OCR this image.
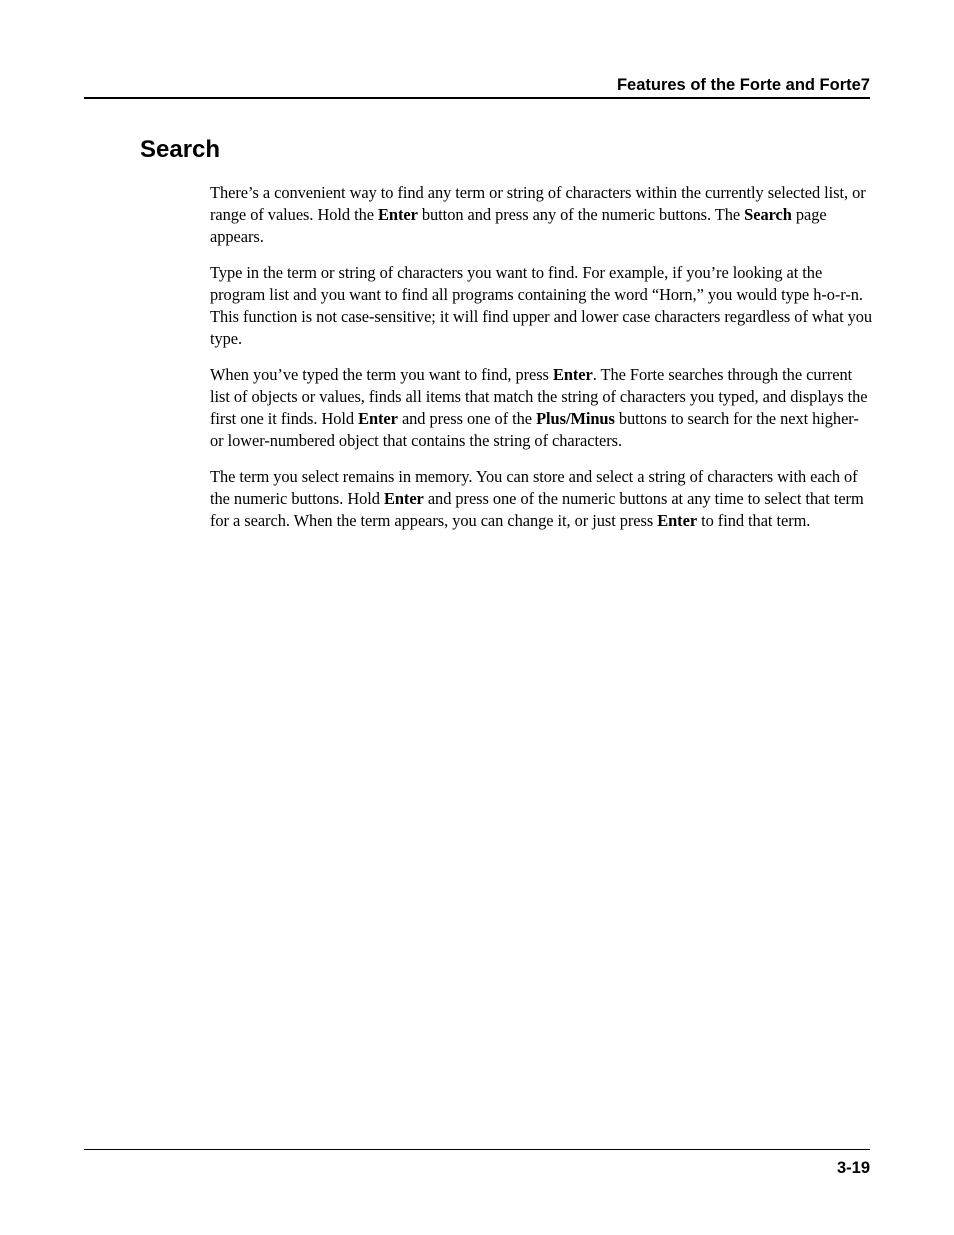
Features of the Forte and Forte7
Search

There’s a convenient way to find any term or string of characters within the currently selected list, or range of values. Hold the Enter button and press any of the numeric buttons. The Search page appears.

Type in the term or string of characters you want to find. For example, if you’re looking at the program list and you want to find all programs containing the word “Horn,” you would type h-o-r-n. This function is not case-sensitive; it will find upper and lower case characters regardless of what you type.

When you’ve typed the term you want to find, press Enter. The Forte searches through the current list of objects or values, finds all items that match the string of characters you typed, and displays the first one it finds. Hold Enter and press one of the Plus/Minus buttons to search for the next higher- or lower-numbered object that contains the string of characters.

The term you select remains in memory. You can store and select a string of characters with each of the numeric buttons. Hold Enter and press one of the numeric buttons at any time to select that term for a search. When the term appears, you can change it, or just press Enter to find that term.

3-19
